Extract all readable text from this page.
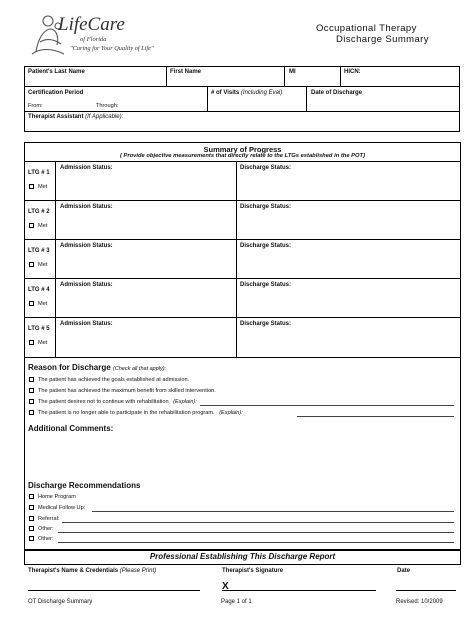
LifeCare
of Florida
"Caring for Your Quality of Life"
Occupational Therapy
Discharge Summary
Patient's Last Name	First Name	MI	HICN:
Certification Period
From:	Through:
# of Visits (Including Eval)	Date of Discharge
Therapist Assistant (If Applicable):
Summary of Progress
( Provide objective measurements that directly relate to the LTGs established in the POT)
LTG # 1
Met
Admission Status:	Discharge Status:
LTG # 2
Met
Admission Status:	Discharge Status:
LTG # 3
Met
Admission Status:	Discharge Status:
LTG # 4
Met
Admission Status:	Discharge Status:
LTG # 5
Met
Admission Status:	Discharge Status:
Reason for Discharge (Check all that apply):
The patient has achieved the goals established at admission.
The patient has achieved the maximum benefit from skilled intervention.
The patient desires not to continue with rehabilitation (Explain):
The patient is no longer able to participate in the rehabilitation program. (Explain):
Additional Comments:
Discharge Recommendations
Home Program
Medical Follow Up:
Referral:
Other:
Other:
Professional Establishing This Discharge Report
Therapist's Name & Credentials (Please Print)	Therapist's Signature	Date
X
OT Discharge Summary	Page 1 of 1	Revised: 10/2009
